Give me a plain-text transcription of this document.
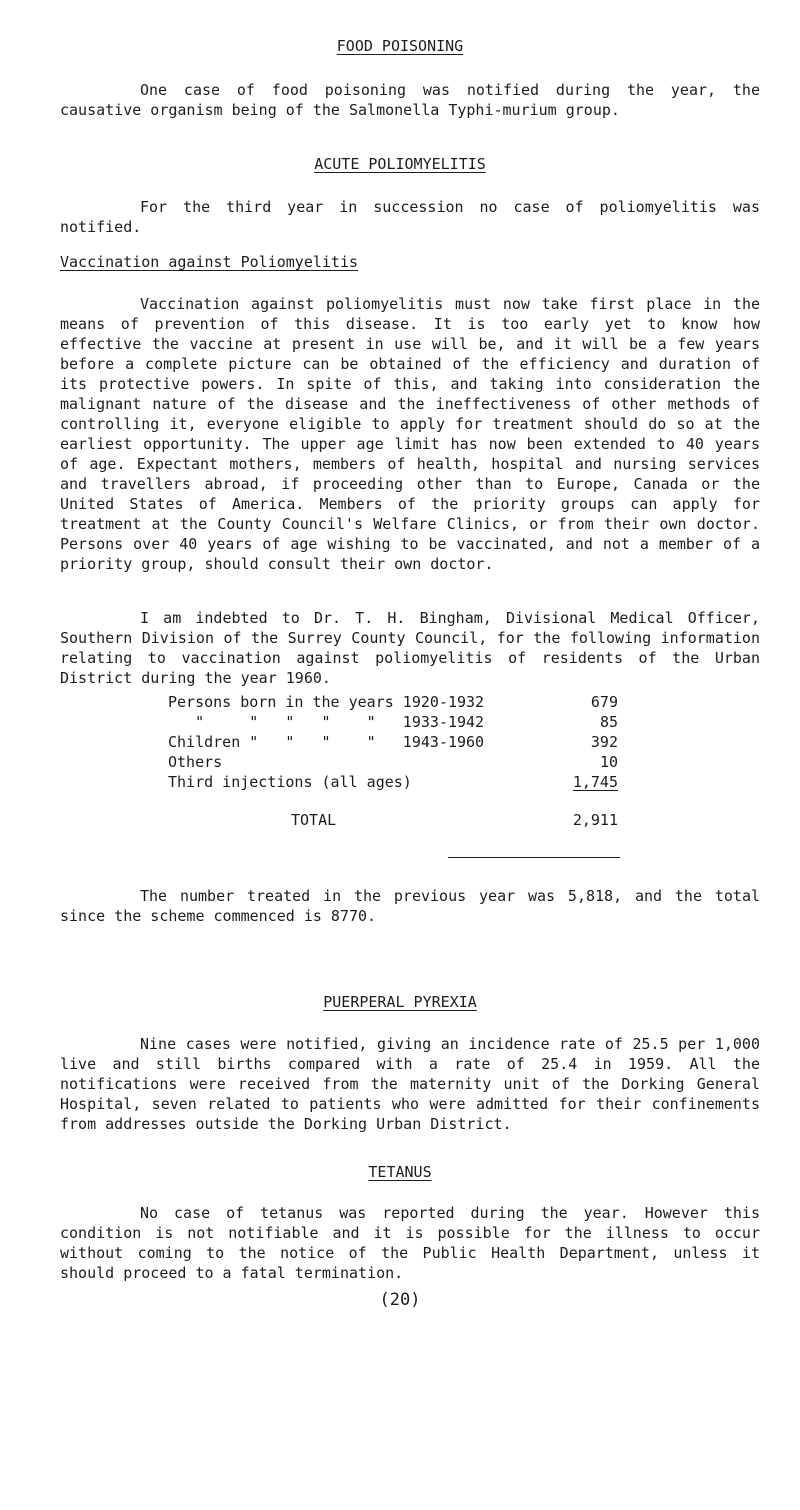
FOOD POISONING

One case of food poisoning was notified during the year, the causative organism being of the Salmonella Typhi-murium group.

ACUTE POLIOMYELITIS

For the third year in succession no case of poliomyelitis was notified.

Vaccination against Poliomyelitis

Vaccination against poliomyelitis must now take first place in the means of prevention of this disease. It is too early yet to know how effective the vaccine at present in use will be, and it will be a few years before a complete picture can be obtained of the efficiency and duration of its protective powers. In spite of this, and taking into consideration the malignant nature of the disease and the ineffectiveness of other methods of controlling it, everyone eligible to apply for treatment should do so at the earliest opportunity. The upper age limit has now been extended to 40 years of age. Expectant mothers, members of health, hospital and nursing services and travellers abroad, if proceeding other than to Europe, Canada or the United States of America. Members of the priority groups can apply for treatment at the County Council's Welfare Clinics, or from their own doctor. Persons over 40 years of age wishing to be vaccinated, and not a member of a priority group, should consult their own doctor.

I am indebted to Dr. T. H. Bingham, Divisional Medical Officer, Southern Division of the Surrey County Council, for the following information relating to vaccination against poliomyelitis of residents of the Urban District during the year 1960.

Persons born in the years 1920-1932	679
"     "   "   "    "   1933-1942	85
Children "   "   "    "   1943-1960	392
Others	10
Third injections (all ages)	1,745
TOTAL	2,911

The number treated in the previous year was 5,818, and the total since the scheme commenced is 8770.

PUERPERAL PYREXIA

Nine cases were notified, giving an incidence rate of 25.5 per 1,000 live and still births compared with a rate of 25.4 in 1959. All the notifications were received from the maternity unit of the Dorking General Hospital, seven related to patients who were admitted for their confinements from addresses outside the Dorking Urban District.

TETANUS

No case of tetanus was reported during the year. However this condition is not notifiable and it is possible for the illness to occur without coming to the notice of the Public Health Department, unless it should proceed to a fatal termination.

(20)
